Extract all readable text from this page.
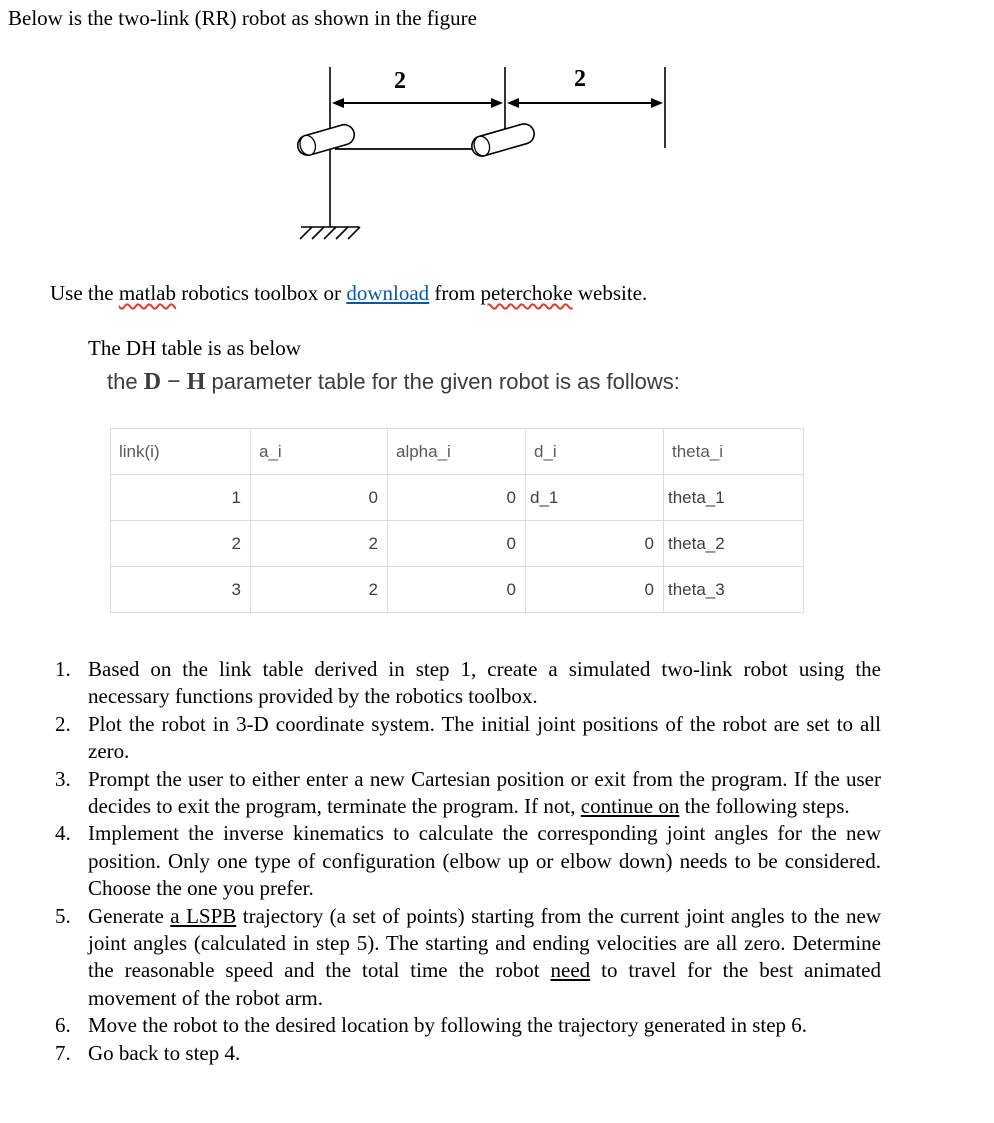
Below is the two-link (RR) robot as shown in the figure

2	2

Use the matlab robotics toolbox or download from peterchoke website.

The DH table is as below

the D − H parameter table for the given robot is as follows:

link(i)	a_i	alpha_i	d_i	theta_i
1	0	0	d_1	theta_1
2	2	0	0	theta_2
3	2	0	0	theta_3
1. Based on the link table derived in step 1, create a simulated two-link robot using the necessary functions provided by the robotics toolbox.
2. Plot the robot in 3-D coordinate system. The initial joint positions of the robot are set to all zero.
3. Prompt the user to either enter a new Cartesian position or exit from the program. If the user decides to exit the program, terminate the program. If not, continue on the following steps.
4. Implement the inverse kinematics to calculate the corresponding joint angles for the new position. Only one type of configuration (elbow up or elbow down) needs to be considered. Choose the one you prefer.
5. Generate a LSPB trajectory (a set of points) starting from the current joint angles to the new joint angles (calculated in step 5). The starting and ending velocities are all zero. Determine the reasonable speed and the total time the robot need to travel for the best animated movement of the robot arm.
6. Move the robot to the desired location by following the trajectory generated in step 6.
7. Go back to step 4.
